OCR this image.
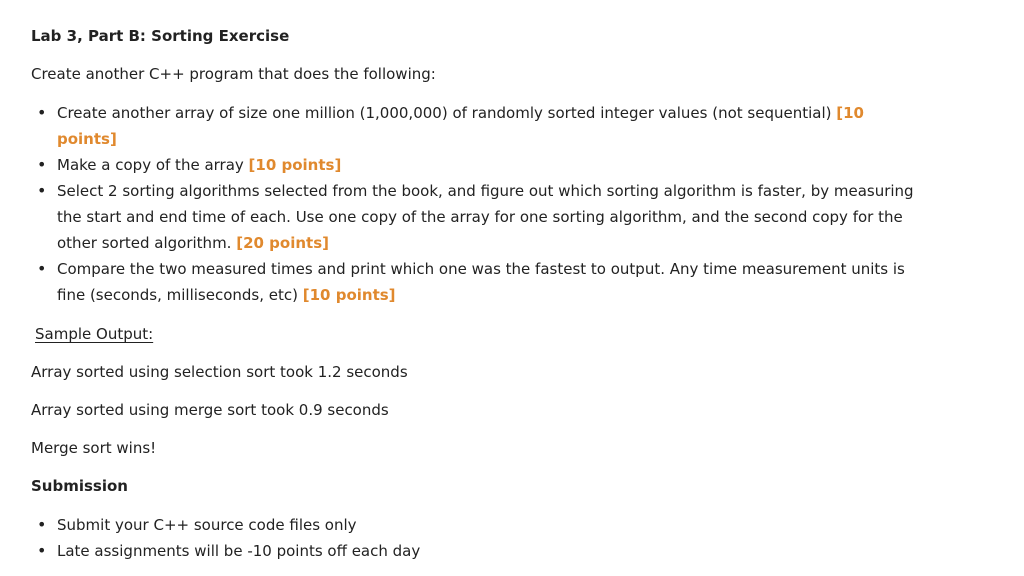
Lab 3, Part B: Sorting Exercise

Create another C++ program that does the following:

• Create another array of size one million (1,000,000) of randomly sorted integer values (not sequential) [10 points]
• Make a copy of the array [10 points]
• Select 2 sorting algorithms selected from the book, and figure out which sorting algorithm is faster, by measuring the start and end time of each. Use one copy of the array for one sorting algorithm, and the second copy for the other sorted algorithm. [20 points]
• Compare the two measured times and print which one was the fastest to output. Any time measurement units is fine (seconds, milliseconds, etc) [10 points]

Sample Output:

Array sorted using selection sort took 1.2 seconds

Array sorted using merge sort took 0.9 seconds

Merge sort wins!

Submission

• Submit your C++ source code files only
• Late assignments will be -10 points off each day
